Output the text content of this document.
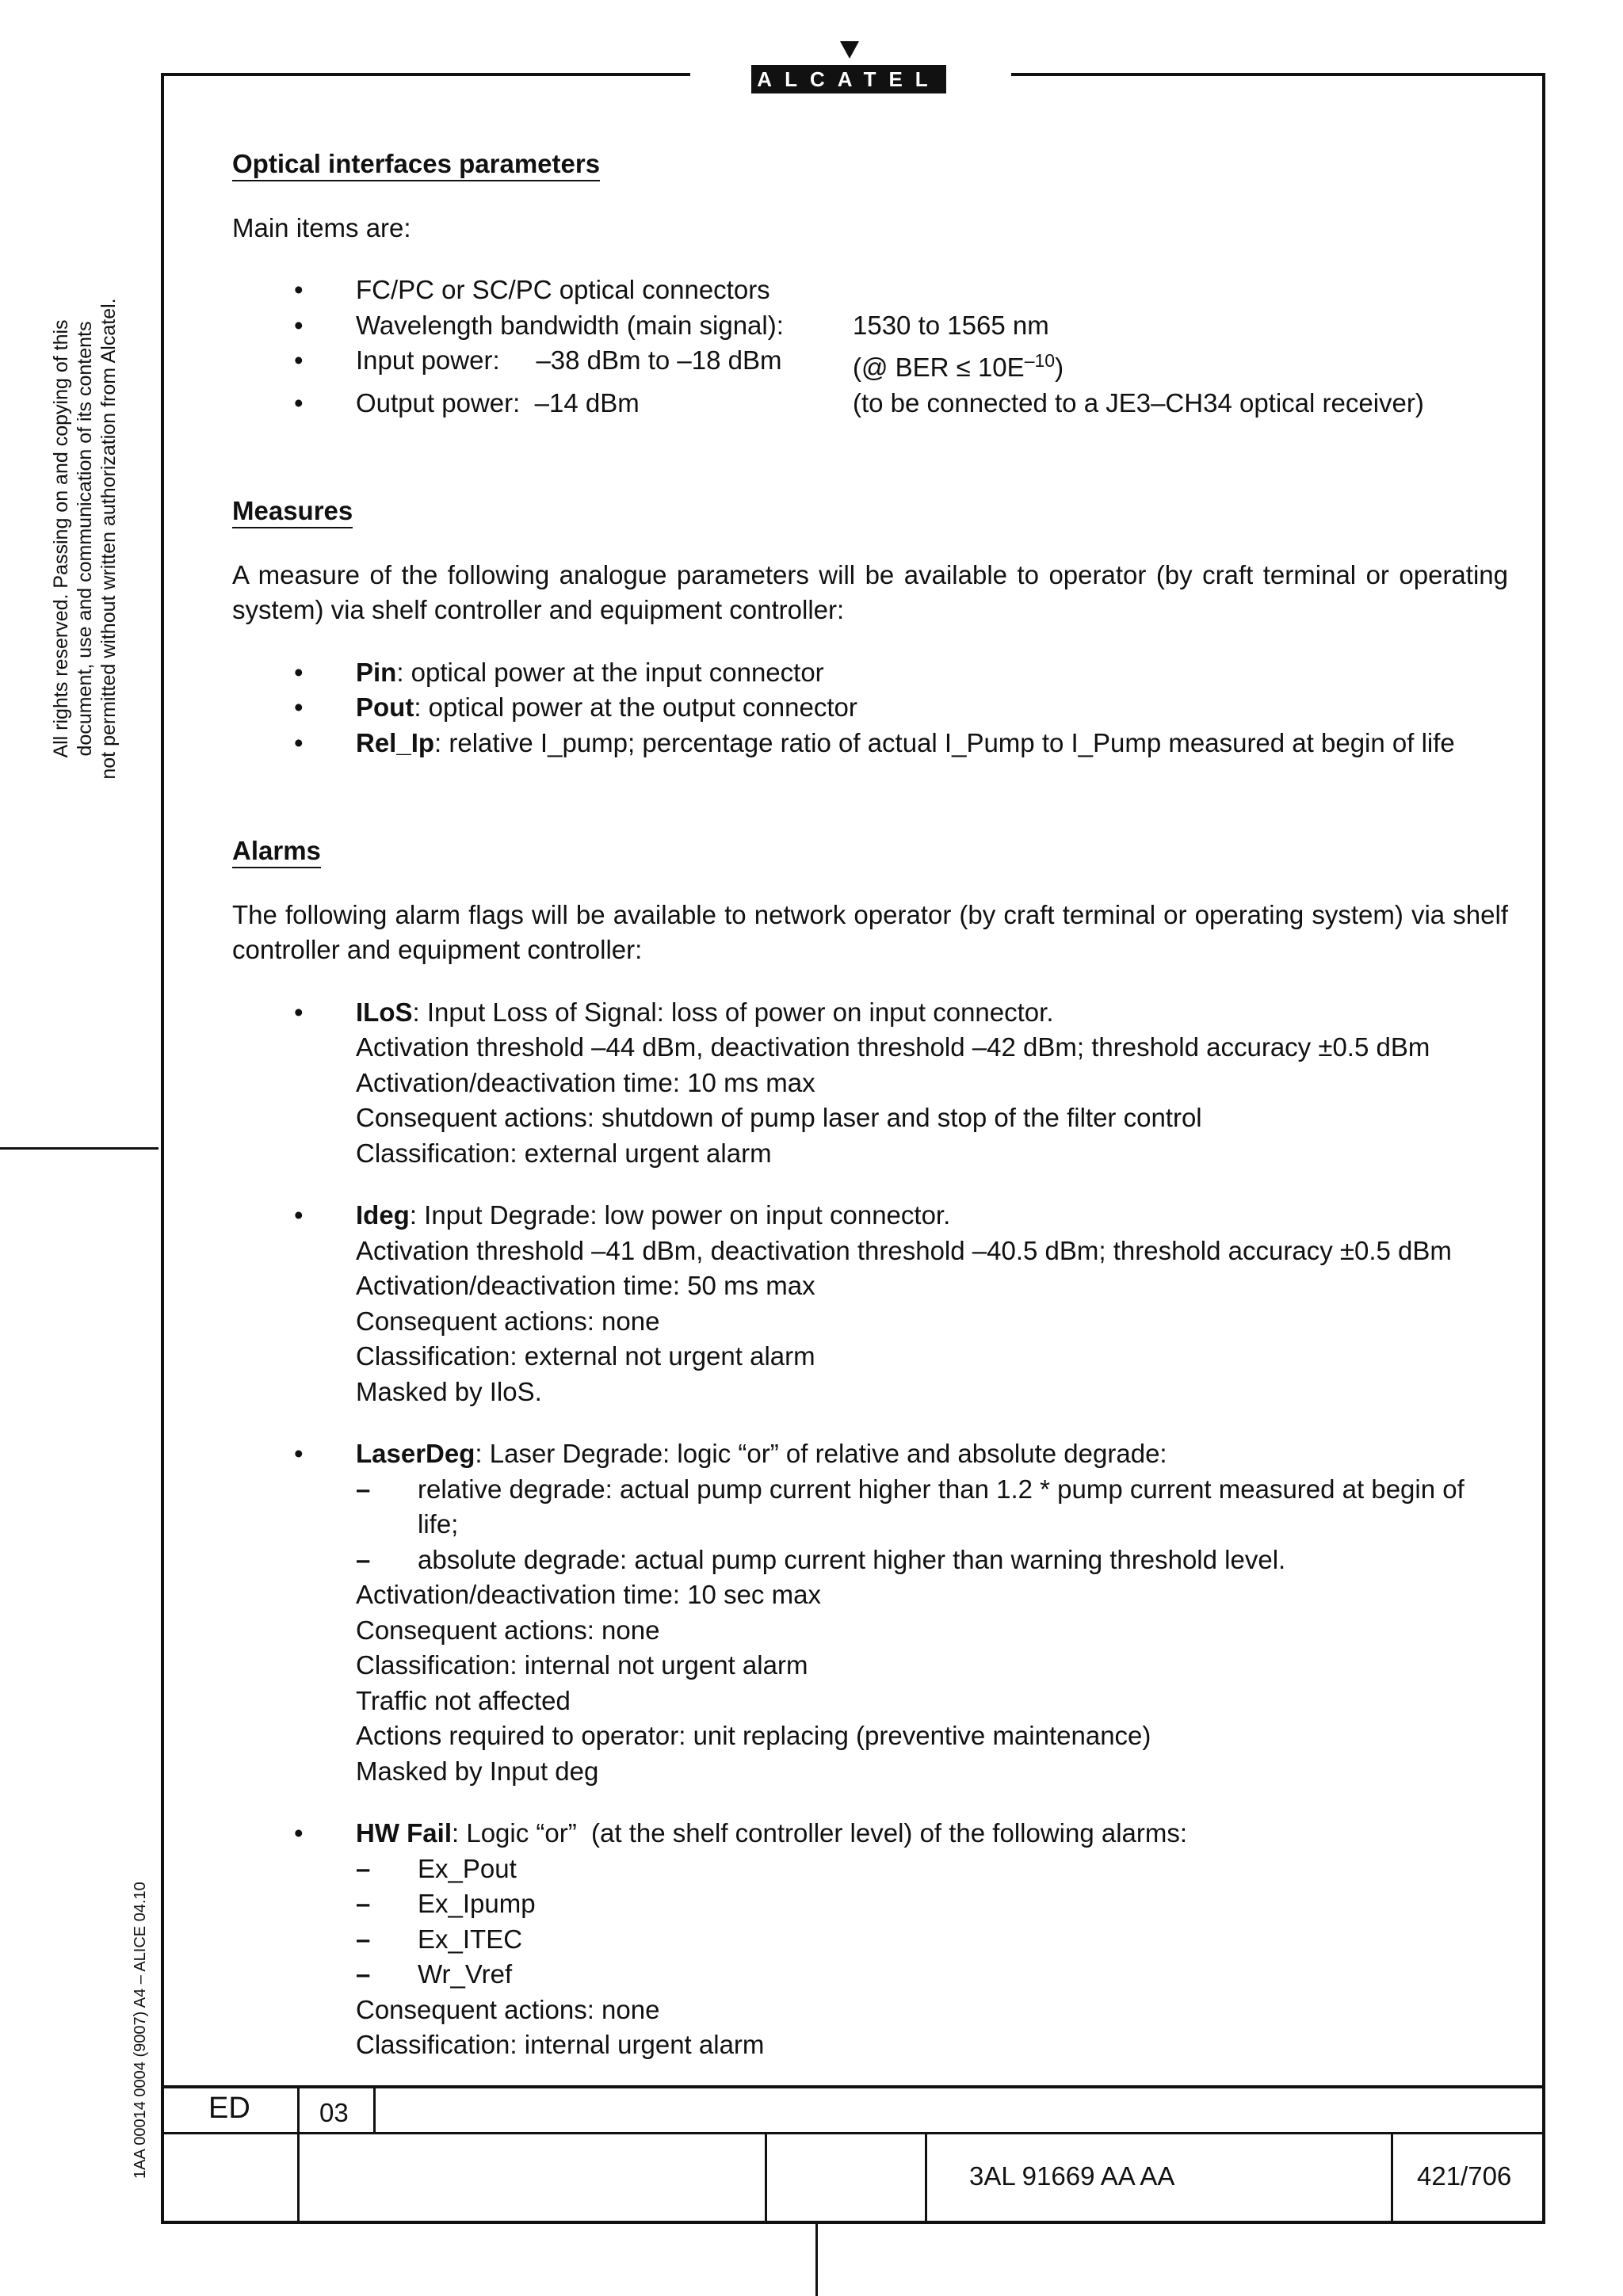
ALCATEL
All rights reserved. Passing on and copying of this document, use and communication of its contents not permitted without written authorization from Alcatel.
1AA 00014 0004 (9007) A4 – ALICE 04.10
Optical interfaces parameters

Main items are:

• FC/PC or SC/PC optical connectors
• Wavelength bandwidth (main signal):	1530 to 1565 nm
• Input power:     –38 dBm to –18 dBm	(@ BER ≤ $10E^{-10}$)
• Output power:  –14 dBm	(to be connected to a JE3–CH34 optical receiver)
Measures

A measure of the following analogue parameters will be available to operator (by craft terminal or operating system) via shelf controller and equipment controller:

• Pin: optical power at the input connector
• Pout: optical power at the output connector
• Rel_Ip: relative I_pump; percentage ratio of actual I_Pump to I_Pump measured at begin of life
Alarms

The following alarm flags will be available to network operator (by craft terminal or operating system) via shelf controller and equipment controller:

• ILoS: Input Loss of Signal: loss of power on input connector.
Activation threshold –44 dBm, deactivation threshold –42 dBm; threshold accuracy ±0.5 dBm
Activation/deactivation time: 10 ms max
Consequent actions: shutdown of pump laser and stop of the filter control
Classification: external urgent alarm
• Ideg: Input Degrade: low power on input connector.
Activation threshold –41 dBm, deactivation threshold –40.5 dBm; threshold accuracy ±0.5 dBm
Activation/deactivation time: 50 ms max
Consequent actions: none
Classification: external not urgent alarm
Masked by IloS.
• LaserDeg: Laser Degrade: logic “or” of relative and absolute degrade:
– relative degrade: actual pump current higher than 1.2 * pump current measured at begin of life;
– absolute degrade: actual pump current higher than warning threshold level.
Activation/deactivation time: 10 sec max
Consequent actions: none
Classification: internal not urgent alarm
Traffic not affected
Actions required to operator: unit replacing (preventive maintenance)
Masked by Input deg
• HW Fail: Logic “or”  (at the shelf controller level) of the following alarms:
– Ex_Pout
– Ex_Ipump
– Ex_ITEC
– Wr_Vref
Consequent actions: none
Classification: internal urgent alarm
ED	03
3AL 91669 AA AA	421/706
